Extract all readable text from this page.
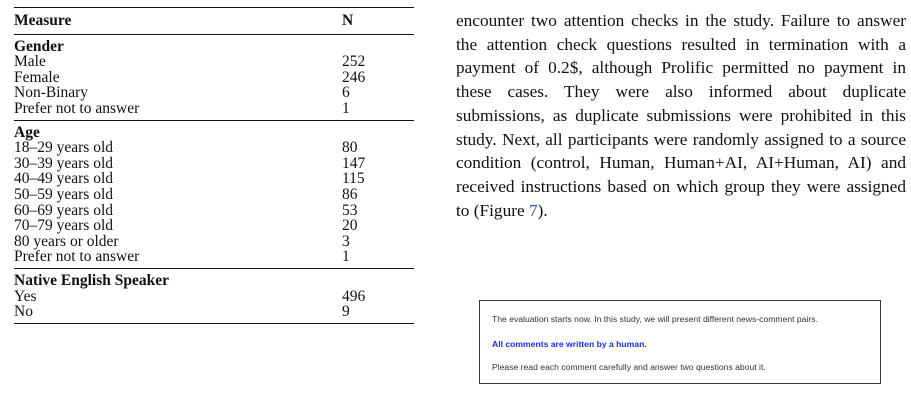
Measure	N
Gender	
Male	252
Female	246
Non-Binary	6
Prefer not to answer	1
Age	
18–29 years old	80
30–39 years old	147
40–49 years old	115
50–59 years old	86
60–69 years old	53
70–79 years old	20
80 years or older	3
Prefer not to answer	1
Native English Speaker	
Yes	496
No	9

encounter two attention checks in the study. Failure to answer the attention check questions resulted in termination with a payment of 0.2$, although Prolific permitted no payment in these cases. They were also informed about duplicate submissions, as duplicate submissions were prohibited in this study. Next, all participants were randomly assigned to a source condition (control, Human, Human+AI, AI+Human, AI) and received instructions based on which group they were assigned to (Figure 7).

The evaluation starts now. In this study, we will present different news-comment pairs.
All comments are written by a human.
Please read each comment carefully and answer two questions about it.
